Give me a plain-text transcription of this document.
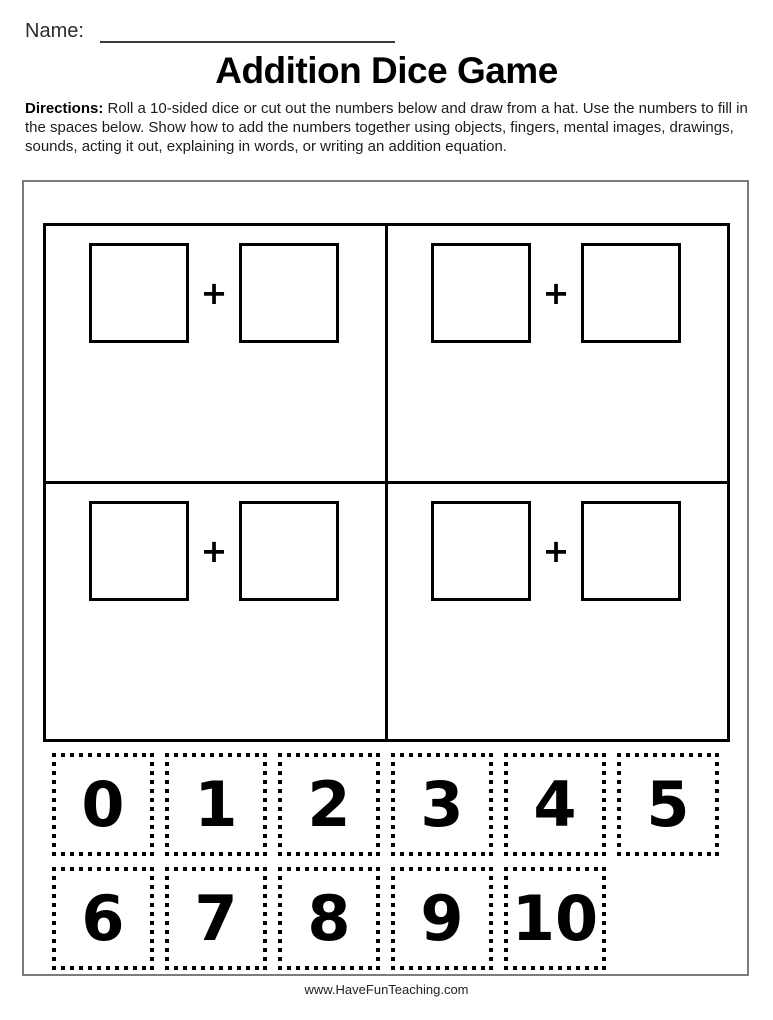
Name:
Addition Dice Game
Directions: Roll a 10-sided dice or cut out the numbers below and draw from a hat. Use the numbers to fill in the spaces below. Show how to add the numbers together using objects, fingers, mental images, drawings, sounds, acting it out, explaining in words, or writing an addition equation.
+	+
+	+
0	1	2	3	4	5
6	7	8	9 10
www.HaveFunTeaching.com
